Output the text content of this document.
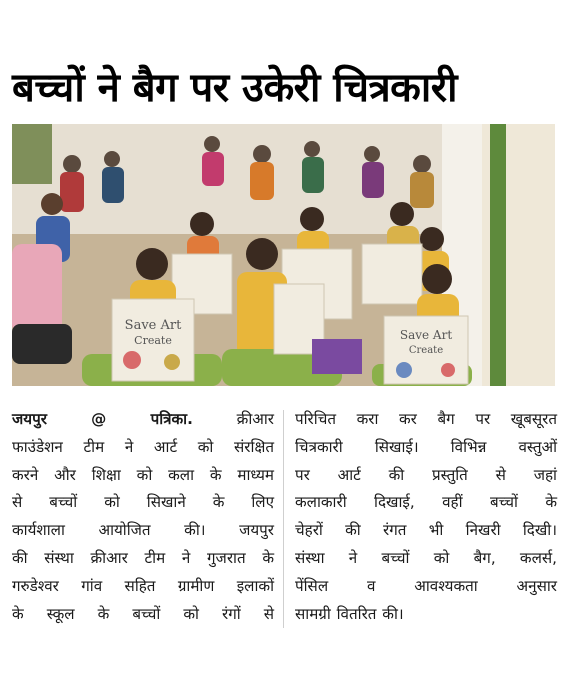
बच्चों ने बैग पर उकेरी चित्रकारी
Save Art
Create	Save Art
Create
जयपुर @ पत्रिका.	क्रीआर
फाउंडेशन टीम ने आर्ट को संरक्षित
करने और शिक्षा को कला के माध्यम
से बच्चों को सिखाने के लिए
कार्यशाला आयोजित की। जयपुर
की संस्था क्रीआर टीम ने गुजरात के
गरुडेश्वर गांव सहित ग्रामीण इलाकों
के स्कूल के बच्चों को रंगों से
परिचित करा कर बैग पर खूबसूरत
चित्रकारी सिखाई। विभिन्न वस्तुओं
पर आर्ट की प्रस्तुति से जहां
कलाकारी दिखाई, वहीं बच्चों के
चेहरों की रंगत भी निखरी दिखी।
संस्था ने बच्चों को बैग, कलर्स,
पेंसिल व आवश्यकता अनुसार
सामग्री वितरित की।
